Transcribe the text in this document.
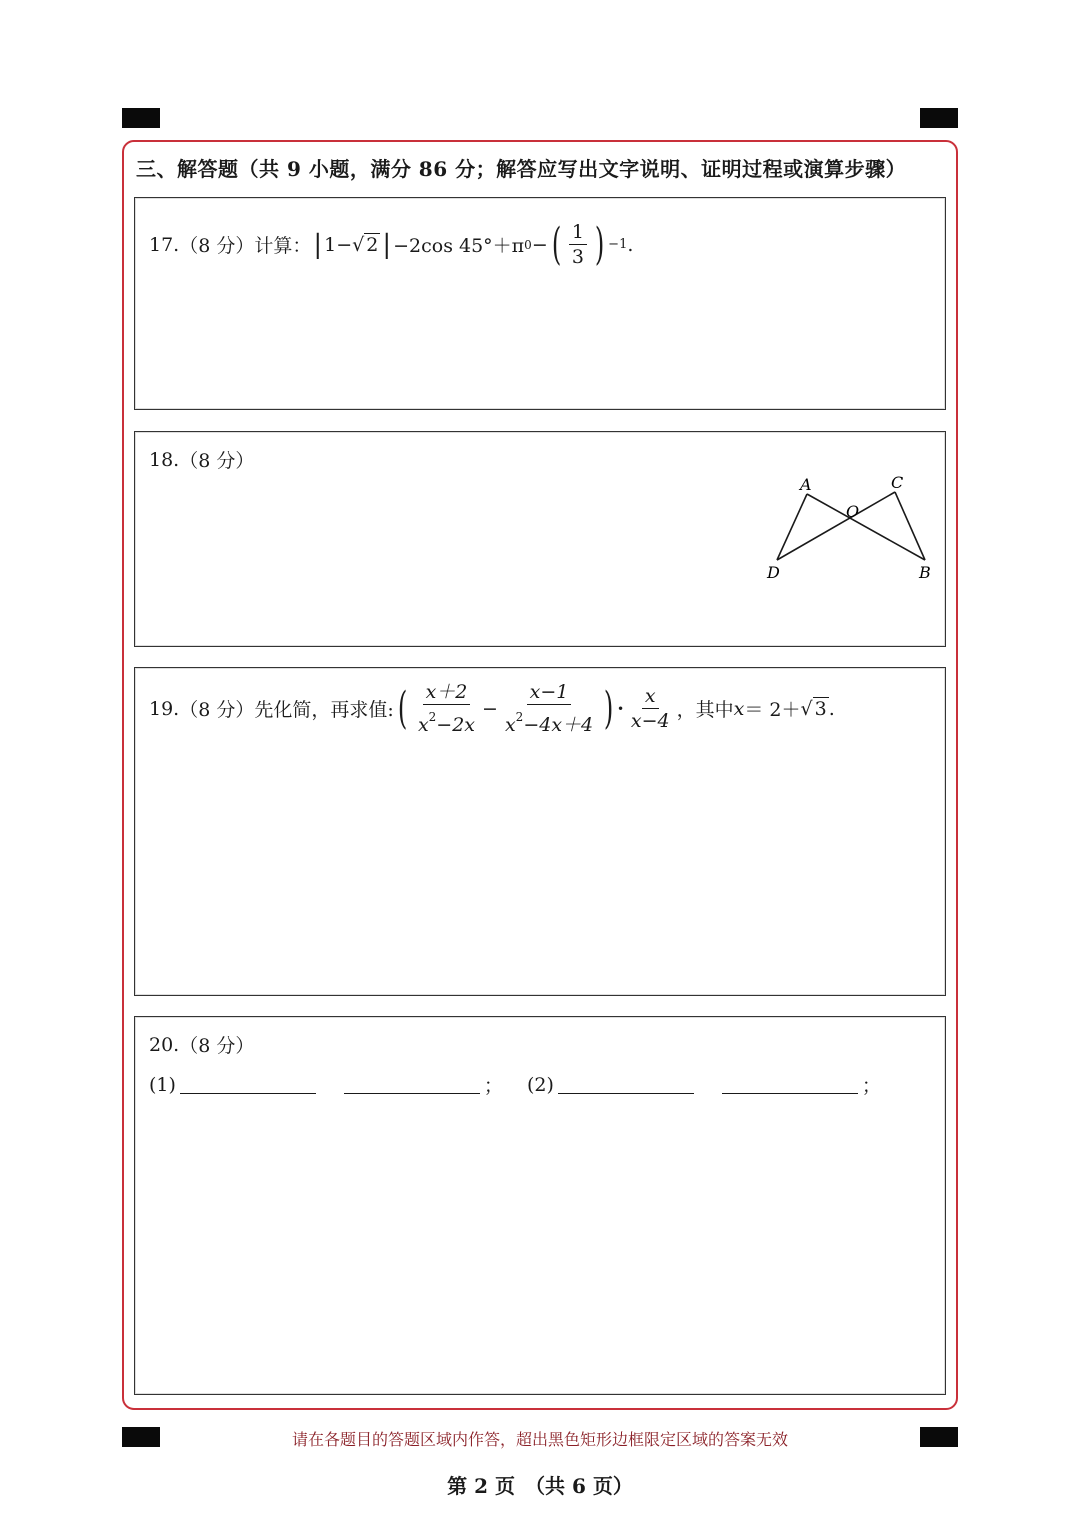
三、解答题（共 9 小题，满分 86 分；解答应写出文字说明、证明过程或演算步骤）
17. （8 分） 计算： | 1 − √ 2 | −2cos 45°＋π 0 − ( $\frac{1}{3}$ ) −1 .
18. （8 分）
A	C
O
D	B
19. （8 分） 先化简，再求值: ( $\frac{x+2}{x^2-2x} - \frac{x-1}{x^2-4x+4}$ ) · $\frac{x}{x-4}$ ，其中 x ＝ 2＋ √ 3 .
20. （8 分）
(1)	； (2)	；
请在各题目的答题区域内作答，超出黑色矩形边框限定区域的答案无效
第 2 页　（共 6 页）
